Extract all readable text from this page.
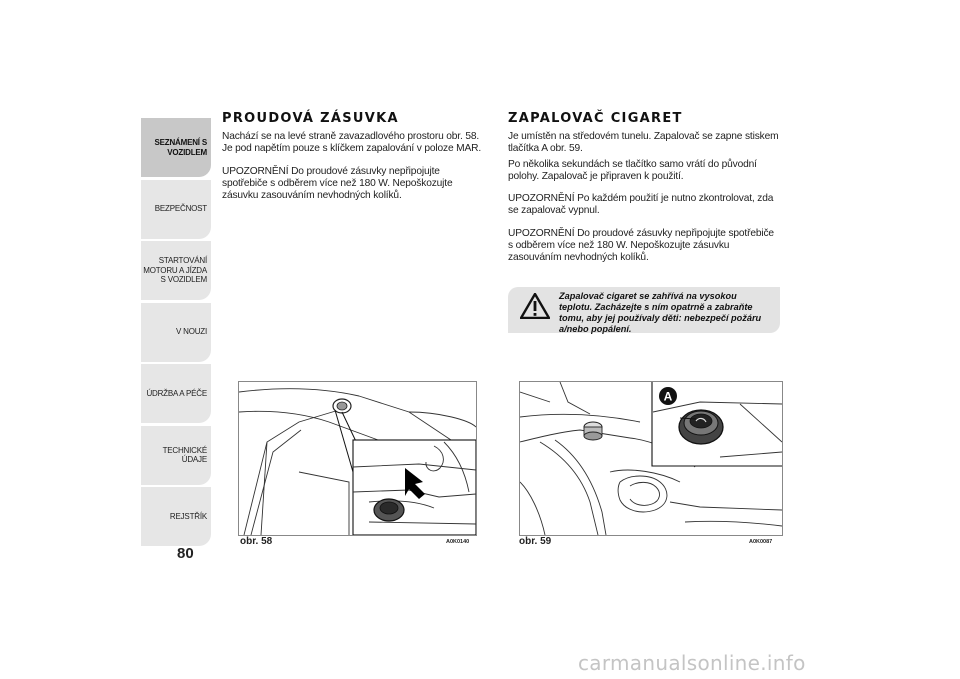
SEZNÁMENÍ S VOZIDLEM
BEZPEČNOST
STARTOVÁNÍ MOTORU A JÍZDA S VOZIDLEM
V NOUZI
ÚDRŽBA A PÉČE
TECHNICKÉ ÚDAJE
REJSTŘÍK
80
PROUDOVÁ ZÁSUVKA

Nachází se na levé straně zavazadlového prostoru obr. 58. Je pod napětím pouze s klíčkem zapalování v poloze MAR.

UPOZORNĚNÍ Do proudové zásuvky nepřipojujte spotřebiče s odběrem více než 180 W. Nepoškozujte zásuvku zasouváním nevhodných kolíků.

ZAPALOVAČ CIGARET

Je umístěn na středovém tunelu. Zapalovač se zapne stiskem tlačítka A obr. 59.

Po několika sekundách se tlačítko samo vrátí do původní polohy. Zapalovač je připraven k použití.

UPOZORNĚNÍ Po každém použití je nutno zkontrolovat, zda se zapalovač vypnul.

UPOZORNĚNÍ Do proudové zásuvky nepřipojujte spotřebiče s odběrem více než 180 W. Nepoškozujte zásuvku zasouváním nevhodných kolíků.

Zapalovač cigaret se zahřívá na vysokou teplotu. Zacházejte s ním opatrně a zabraňte tomu, aby jej používaly děti: nebezpečí požáru a/nebo popálení.
obr. 58	A0K0140
A
obr. 59	A0K0087
carmanualsonline.info
